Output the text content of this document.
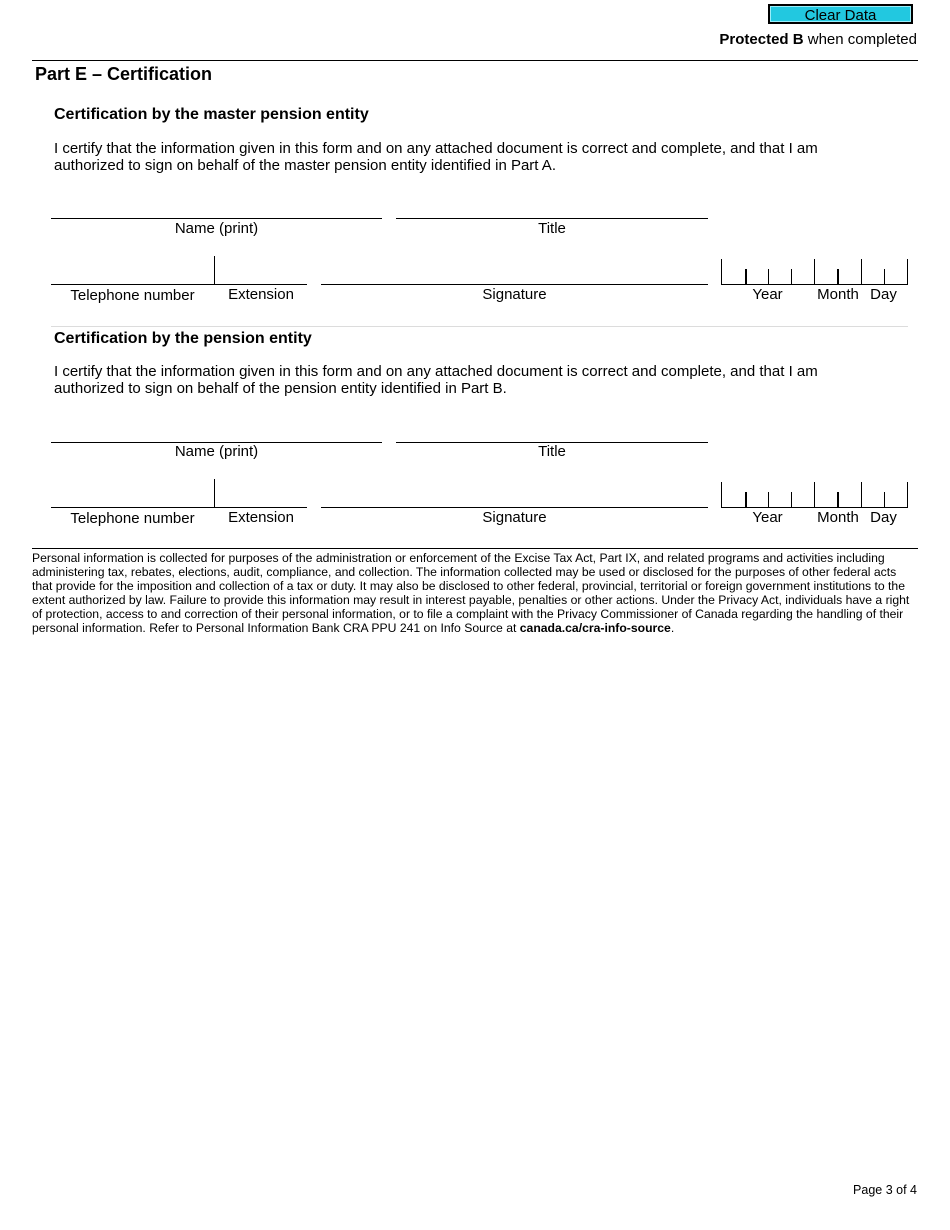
Clear Data
Protected B when completed
Part E – Certification
Certification by the master pension entity

I certify that the information given in this form and on any attached document is correct and complete, and that I am authorized to sign on behalf of the master pension entity identified in Part A.

Name (print)	Title
Telephone number	Extension	Signature	Year	Month Day
Certification by the pension entity

I certify that the information given in this form and on any attached document is correct and complete, and that I am authorized to sign on behalf of the pension entity identified in Part B.

Name (print)	Title
Telephone number	Extension	Signature	Year	Month Day

Personal information is collected for purposes of the administration or enforcement of the Excise Tax Act, Part IX, and related programs and activities including administering tax, rebates, elections, audit, compliance, and collection. The information collected may be used or disclosed for the purposes of other federal acts that provide for the imposition and collection of a tax or duty. It may also be disclosed to other federal, provincial, territorial or foreign government institutions to the extent authorized by law. Failure to provide this information may result in interest payable, penalties or other actions. Under the Privacy Act, individuals have a right of protection, access to and correction of their personal information, or to file a complaint with the Privacy Commissioner of Canada regarding the handling of their personal information. Refer to Personal Information Bank CRA PPU 241 on Info Source at canada.ca/cra-info-source.

Page 3 of 4
